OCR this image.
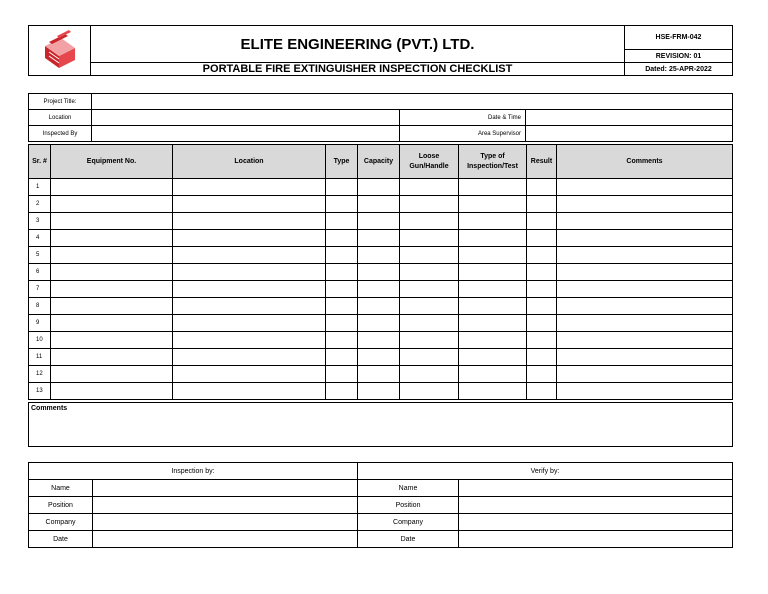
	ELITE ENGINEERING (PVT.) LTD.	HSE-FRM-042
		REVISION: 01
	PORTABLE FIRE EXTINGUISHER INSPECTION CHECKLIST	Dated: 25-APR-2022
Project Title:			
Location		Date & Time	
Inspected By		Area Supervisor	
Sr. #	Equipment No.	Location	Type	Capacity	Loose Gun/Handle	Type of Inspection/Test	Result	Comments
1								
2								
3								
4								
5								
6								
7								
8								
9								
10								
11								
12								
13								
Comments
Inspection by:		Verify by:	
Name		Name	
Position		Position	
Company		Company	
Date		Date	
